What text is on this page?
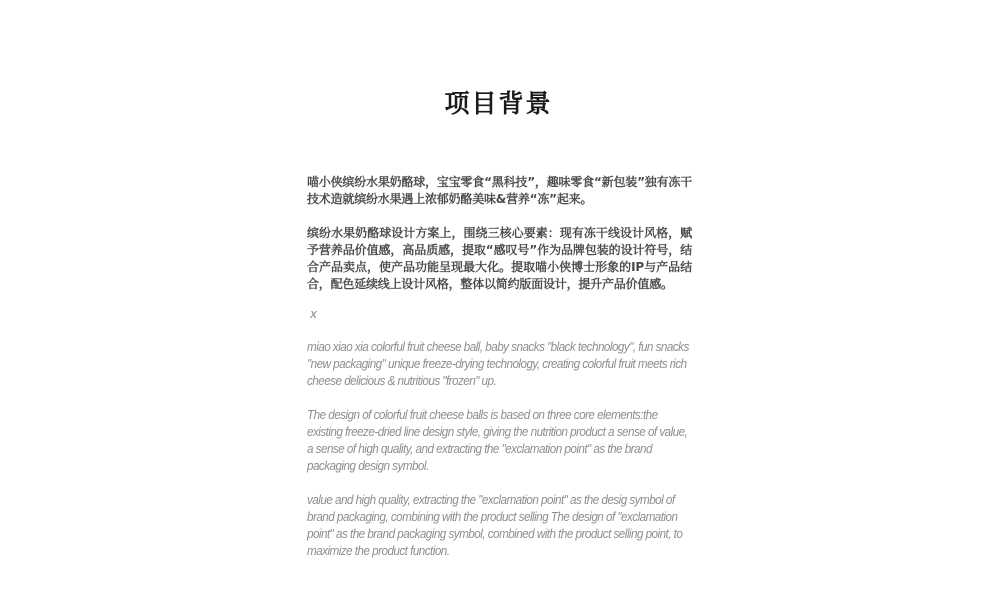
项目背景

喵小侠缤纷水果奶酪球，宝宝零食“黑科技”，趣味零食“新包装”独有冻干技术造就缤纷水果遇上浓郁奶酪美味&营养“冻”起来。

缤纷水果奶酪球设计方案上，围绕三核心要素：现有冻干线设计风格，赋予营养品价值感，高品质感，提取“感叹号”作为品牌包装的设计符号，结合产品卖点，使产品功能呈现最大化。提取喵小侠博士形象的IP与产品结合，配色延续线上设计风格，整体以简约版面设计，提升产品价值感。

x

miao xiao xia colorful fruit cheese ball, baby snacks "black technology", fun snacks "new packaging" unique freeze-drying technology, creating colorful fruit meets rich cheese delicious & nutritious "frozen" up.

The design of colorful fruit cheese balls is based on three core elements:the existing freeze-dried line design style, giving the nutrition product a sense of value, a sense of high quality, and extracting the "exclamation point" as the brand packaging design symbol.

value and high quality, extracting the "exclamation point" as the desig symbol of brand packaging, combining with the product selling The design of "exclamation point" as the brand packaging symbol, combined with the product selling point, to maximize the product function.
